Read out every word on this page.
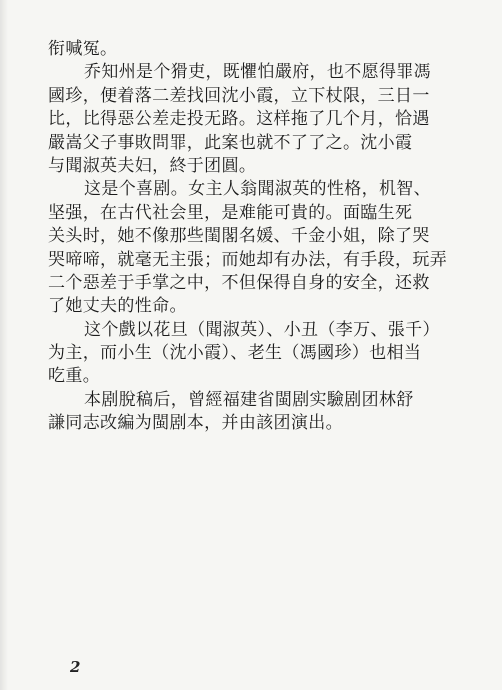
衔喊冤。
乔知州是个猾吏，既懼怕嚴府，也不愿得罪馮
國珍，便着落二差找回沈小霞，立下杖限，三日一
比，比得惡公差走投无路。这样拖了几个月，恰遇
嚴嵩父子事敗問罪，此案也就不了了之。沈小霞
与聞淑英夫妇，終于团圓。
这是个喜剧。女主人翁聞淑英的性格，机智、
坚强，在古代社会里，是难能可貴的。面臨生死
关头时，她不像那些閨閣名媛、千金小姐，除了哭
哭啼啼，就毫无主張；而她却有办法，有手段，玩弄
二个惡差于手掌之中，不但保得自身的安全，还救
了她丈夫的性命。
这个戲以花旦（聞淑英）、小丑（李万、張千）
为主，而小生（沈小霞）、老生（馮國珍）也相当
吃重。
本剧脫稿后，曾經福建省閩剧实驗剧团林舒
謙同志改編为閩剧本，并由該团演出。
2
